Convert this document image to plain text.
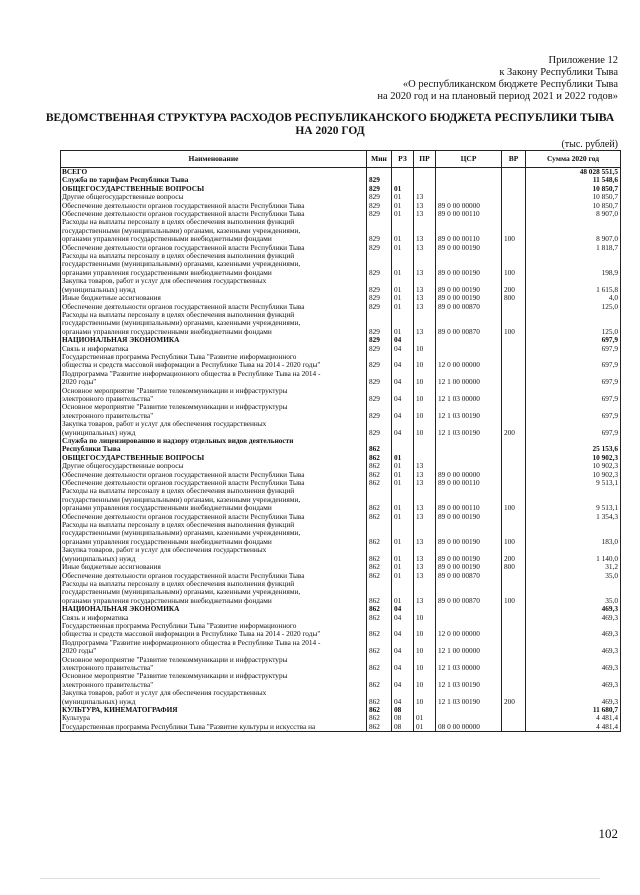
Приложение 12
к Закону Республики Тыва
«О республиканском бюджете Республики Тыва
на 2020 год и на плановый период 2021 и 2022 годов»
ВЕДОМСТВЕННАЯ СТРУКТУРА РАСХОДОВ РЕСПУБЛИКАНСКОГО БЮДЖЕТА РЕСПУБЛИКИ ТЫВА
НА 2020 ГОД
(тыс. рублей)
Наименование	Мин	РЗ	ПР	ЦСР	ВР	Сумма 2020 год
ВСЕГО						48 028 551,5
Служба по тарифам Республики Тыва	829					11 548,6
ОБЩЕГОСУДАРСТВЕННЫЕ ВОПРОСЫ	829	01				10 850,7
Другие общегосударственные вопросы	829	01	13			10 850,7
Обеспечение деятельности органов государственной власти Республики Тыва	829	01	13	89 0 00 00000		10 850,7
Обеспечение деятельности органов государственной власти Республики Тыва	829	01	13	89 0 00 00110		8 907,0
Расходы на выплаты персоналу в целях обеспечения выполнения функций						
государственными (муниципальными) органами, казенными учреждениями,						
органами управления государственными внебюджетными фондами	829	01	13	89 0 00 00110	100	8 907,0
Обеспечение деятельности органов государственной власти Республики Тыва	829	01	13	89 0 00 00190		1 818,7
Расходы на выплаты персоналу в целях обеспечения выполнения функций						
государственными (муниципальными) органами, казенными учреждениями,						
органами управления государственными внебюджетными фондами	829	01	13	89 0 00 00190	100	198,9
Закупка товаров, работ и услуг для обеспечения государственных						
(муниципальных) нужд	829	01	13	89 0 00 00190	200	1 615,8
Иные бюджетные ассигнования	829	01	13	89 0 00 00190	800	4,0
Обеспечение деятельности органов государственной власти Республики Тыва	829	01	13	89 0 00 00870		125,0
Расходы на выплаты персоналу в целях обеспечения выполнения функций						
государственными (муниципальными) органами, казенными учреждениями,						
органами управления государственными внебюджетными фондами	829	01	13	89 0 00 00870	100	125,0
НАЦИОНАЛЬНАЯ ЭКОНОМИКА	829	04				697,9
Связь и информатика	829	04	10			697,9
Государственная программа Республики Тыва "Развитие информационного						
общества и средств массовой информации в Республике Тыва на 2014 - 2020 годы"	829	04	10	12 0 00 00000		697,9
Подпрограмма "Развитие информационного общества в Республике Тыва на 2014 -						
2020 годы"	829	04	10	12 1 00 00000		697,9
Основное мероприятие "Развитие телекоммуникации и инфраструктуры						
электронного правительства"	829	04	10	12 1 03 00000		697,9
Основное мероприятие "Развитие телекоммуникации и инфраструктуры						
электронного правительства"	829	04	10	12 1 03 00190		697,9
Закупка товаров, работ и услуг для обеспечения государственных						
(муниципальных) нужд	829	04	10	12 1 03 00190	200	697,9
Служба по лицензированию и надзору отдельных видов деятельности						
Республики Тыва	862					25 153,6
ОБЩЕГОСУДАРСТВЕННЫЕ ВОПРОСЫ	862	01				10 902,3
Другие общегосударственные вопросы	862	01	13			10 902,3
Обеспечение деятельности органов государственной власти Республики Тыва	862	01	13	89 0 00 00000		10 902,3
Обеспечение деятельности органов государственной власти Республики Тыва	862	01	13	89 0 00 00110		9 513,1
Расходы на выплаты персоналу в целях обеспечения выполнения функций						
государственными (муниципальными) органами, казенными учреждениями,						
органами управления государственными внебюджетными фондами	862	01	13	89 0 00 00110	100	9 513,1
Обеспечение деятельности органов государственной власти Республики Тыва	862	01	13	89 0 00 00190		1 354,3
Расходы на выплаты персоналу в целях обеспечения выполнения функций						
государственными (муниципальными) органами, казенными учреждениями,						
органами управления государственными внебюджетными фондами	862	01	13	89 0 00 00190	100	183,0
Закупка товаров, работ и услуг для обеспечения государственных						
(муниципальных) нужд	862	01	13	89 0 00 00190	200	1 140,0
Иные бюджетные ассигнования	862	01	13	89 0 00 00190	800	31,2
Обеспечение деятельности органов государственной власти Республики Тыва	862	01	13	89 0 00 00870		35,0
Расходы на выплаты персоналу в целях обеспечения выполнения функций						
государственными (муниципальными) органами, казенными учреждениями,						
органами управления государственными внебюджетными фондами	862	01	13	89 0 00 00870	100	35,0
НАЦИОНАЛЬНАЯ ЭКОНОМИКА	862	04				469,3
Связь и информатика	862	04	10			469,3
Государственная программа Республики Тыва "Развитие информационного						
общества и средств массовой информации в Республике Тыва на 2014 - 2020 годы"	862	04	10	12 0 00 00000		469,3
Подпрограмма "Развитие информационного общества в Республике Тыва на 2014 -						
2020 годы"	862	04	10	12 1 00 00000		469,3
Основное мероприятие "Развитие телекоммуникации и инфраструктуры						
электронного правительства"	862	04	10	12 1 03 00000		469,3
Основное мероприятие "Развитие телекоммуникации и инфраструктуры						
электронного правительства"	862	04	10	12 1 03 00190		469,3
Закупка товаров, работ и услуг для обеспечения государственных						
(муниципальных) нужд	862	04	10	12 1 03 00190	200	469,3
КУЛЬТУРА, КИНЕМАТОГРАФИЯ	862	08				11 680,7
Культура	862	08	01			4 481,4
Государственная программа Республики Тыва "Развитие культуры и искусства на	862	08	01	08 0 00 00000		4 481,4
102
